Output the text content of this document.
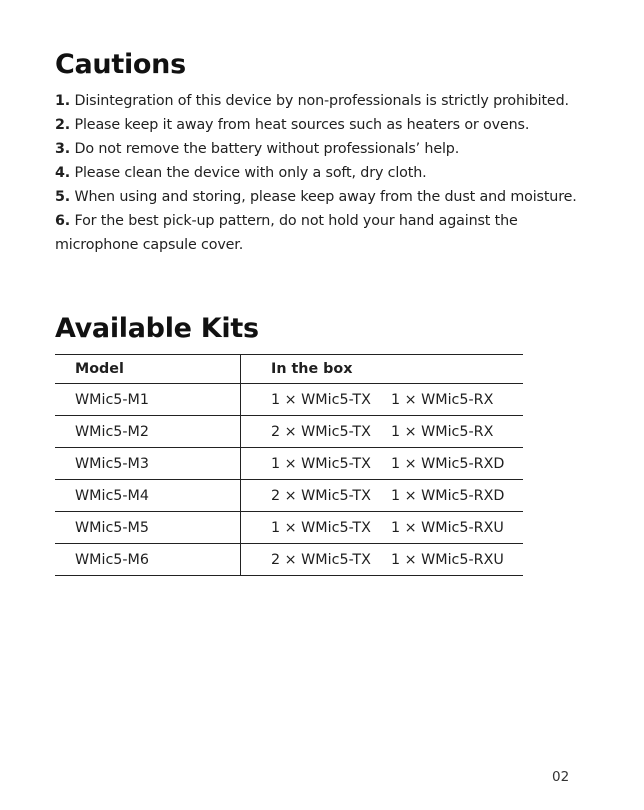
Cautions
1. Disintegration of this device by non-professionals is strictly prohibited.
2. Please keep it away from heat sources such as heaters or ovens.
3. Do not remove the battery without professionals’ help.
4. Please clean the device with only a soft, dry cloth.
5. When using and storing, please keep away from the dust and moisture.
6. For the best pick-up pattern, do not hold your hand against the microphone capsule cover.
Available Kits
Model	In the box
WMic5-M1	1 × WMic5-TX 1 × WMic5-RX
WMic5-M2	2 × WMic5-TX 1 × WMic5-RX
WMic5-M3	1 × WMic5-TX 1 × WMic5-RXD
WMic5-M4	2 × WMic5-TX 1 × WMic5-RXD
WMic5-M5	1 × WMic5-TX 1 × WMic5-RXU
WMic5-M6	2 × WMic5-TX 1 × WMic5-RXU
02
